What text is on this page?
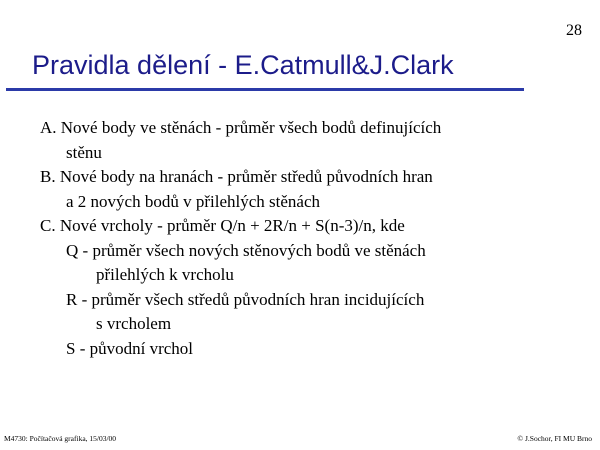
28
Pravidla dělení - E.Catmull&J.Clark
A. Nové body ve stěnách - průměr všech bodů definujících
stěnu
B. Nové body na hranách - průměr středů původních hran
a 2 nových bodů v přilehlých stěnách
C. Nové vrcholy - průměr Q/n + 2R/n + S(n-3)/n, kde
Q - průměr všech nových stěnových bodů ve stěnách
přilehlých k vrcholu
R - průměr všech středů původních hran incidujících
s vrcholem
S - původní vrchol
M4730: Počítačová grafika, 15/03/00	© J.Sochor, FI MU Brno
